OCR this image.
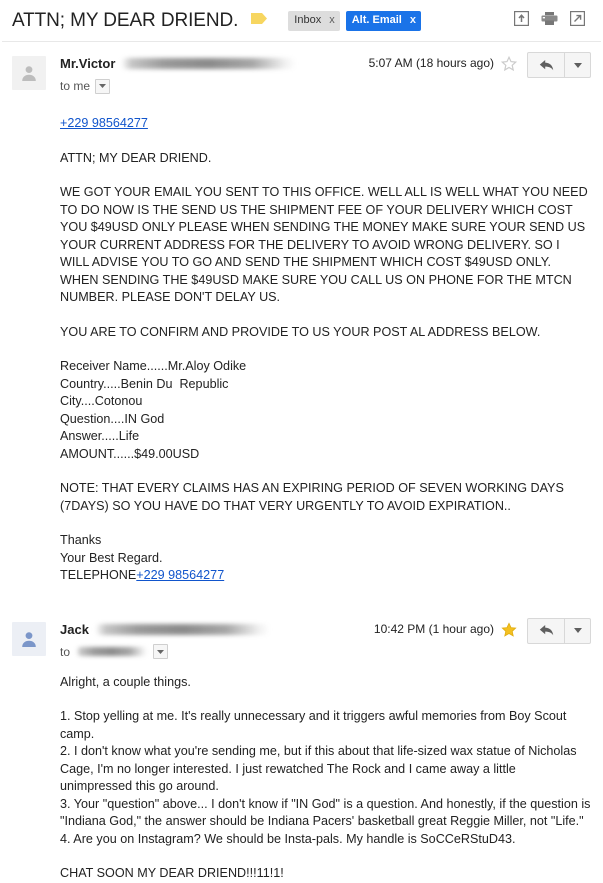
ATTN; MY DEAR DRIEND.	Inbox x Alt. Email x
Mr.Victor
to me
5:07 AM (18 hours ago)

+229 98564277

ATTN; MY DEAR DRIEND.

WE GOT YOUR EMAIL YOU SENT TO THIS OFFICE. WELL ALL IS WELL WHAT YOU NEED TO DO NOW IS THE SEND US THE SHIPMENT FEE OF YOUR DELIVERY WHICH COST YOU $49USD ONLY PLEASE WHEN SENDING THE MONEY MAKE SURE YOUR SEND US YOUR CURRENT ADDRESS FOR THE DELIVERY TO AVOID WRONG DELIVERY. SO I WILL ADVISE YOU TO GO AND SEND THE SHIPMENT WHICH COST $49USD ONLY. WHEN SENDING THE $49USD MAKE SURE YOU CALL US ON PHONE FOR THE MTCN NUMBER. PLEASE DON'T DELAY US.

YOU ARE TO CONFIRM AND PROVIDE TO US YOUR POST AL ADDRESS BELOW.

Receiver Name......Mr.Aloy Odike

Country.....Benin Du  Republic

City....Cotonou

Question....IN God

Answer.....Life

AMOUNT......$49.00USD

NOTE: THAT EVERY CLAIMS HAS AN EXPIRING PERIOD OF SEVEN WORKING DAYS (7DAYS) SO YOU HAVE DO THAT VERY URGENTLY TO AVOID EXPIRATION..

Thanks

Your Best Regard.

TELEPHONE+229 98564277

Jack
to
10:42 PM (1 hour ago)

Alright, a couple things.

1. Stop yelling at me. It's really unnecessary and it triggers awful memories from Boy Scout camp.

2. I don't know what you're sending me, but if this about that life-sized wax statue of Nicholas Cage, I'm no longer interested. I just rewatched The Rock and I came away a little unimpressed this go around.

3. Your "question" above... I don't know if "IN God" is a question. And honestly, if the question is "Indiana God," the answer should be Indiana Pacers' basketball great Reggie Miller, not "Life."

4. Are you on Instagram? We should be Insta-pals. My handle is SoCCeRStuD43.

CHAT SOON MY DEAR DRIEND!!!11!1!
